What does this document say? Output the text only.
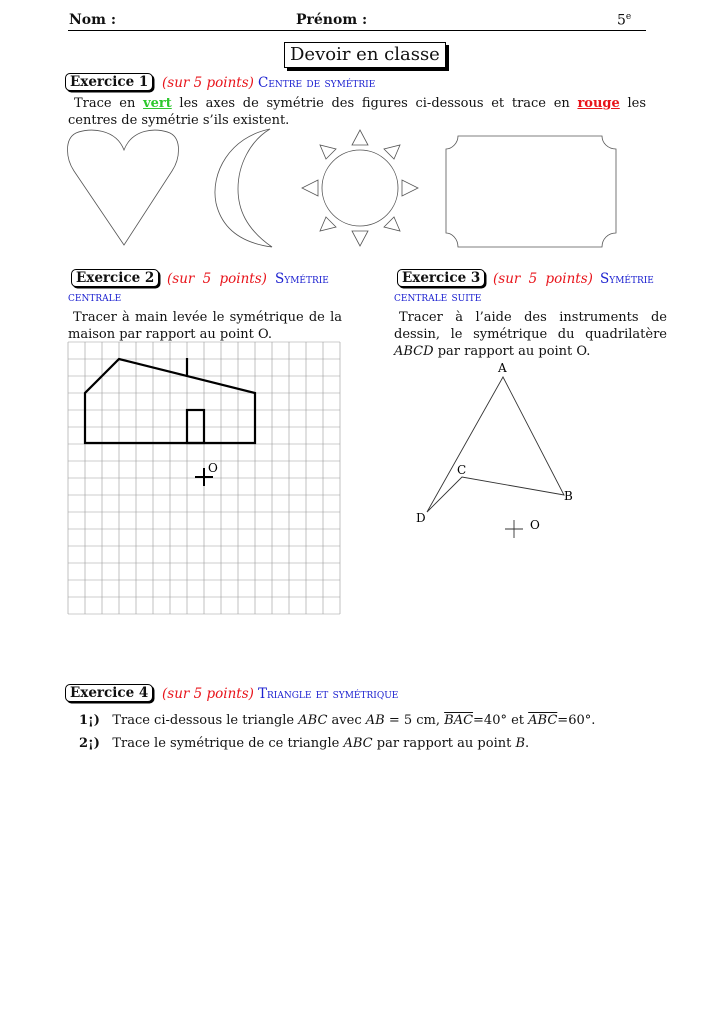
Nom :	Prénom :	5e
Devoir en classe
Exercice 1	(sur 5 points) Centre de symétrie
Trace en vert les axes de symétrie des figures ci-dessous et trace en rouge les centres de symétrie s’ils existent.
Exercice 2 (sur 5 points) Symétrie
centrale
Tracer à main levée le symétrique de la maison par rapport au point O.
O
Exercice 3 (sur 5 points) Symétrie
centrale suite
Tracer à l’aide des instruments de dessin, le symétrique du quadrilatère ABCD par rapport au point O.
A
B
C
D	O
Exercice 4	(sur 5 points) Triangle et symétrique
1¡) Trace ci-dessous le triangle ABC avec AB = 5 cm, $\overline{BAC}=40^\circ$ et $\overline{ABC}=60^\circ$.
2¡) Trace le symétrique de ce triangle ABC par rapport au point B.
